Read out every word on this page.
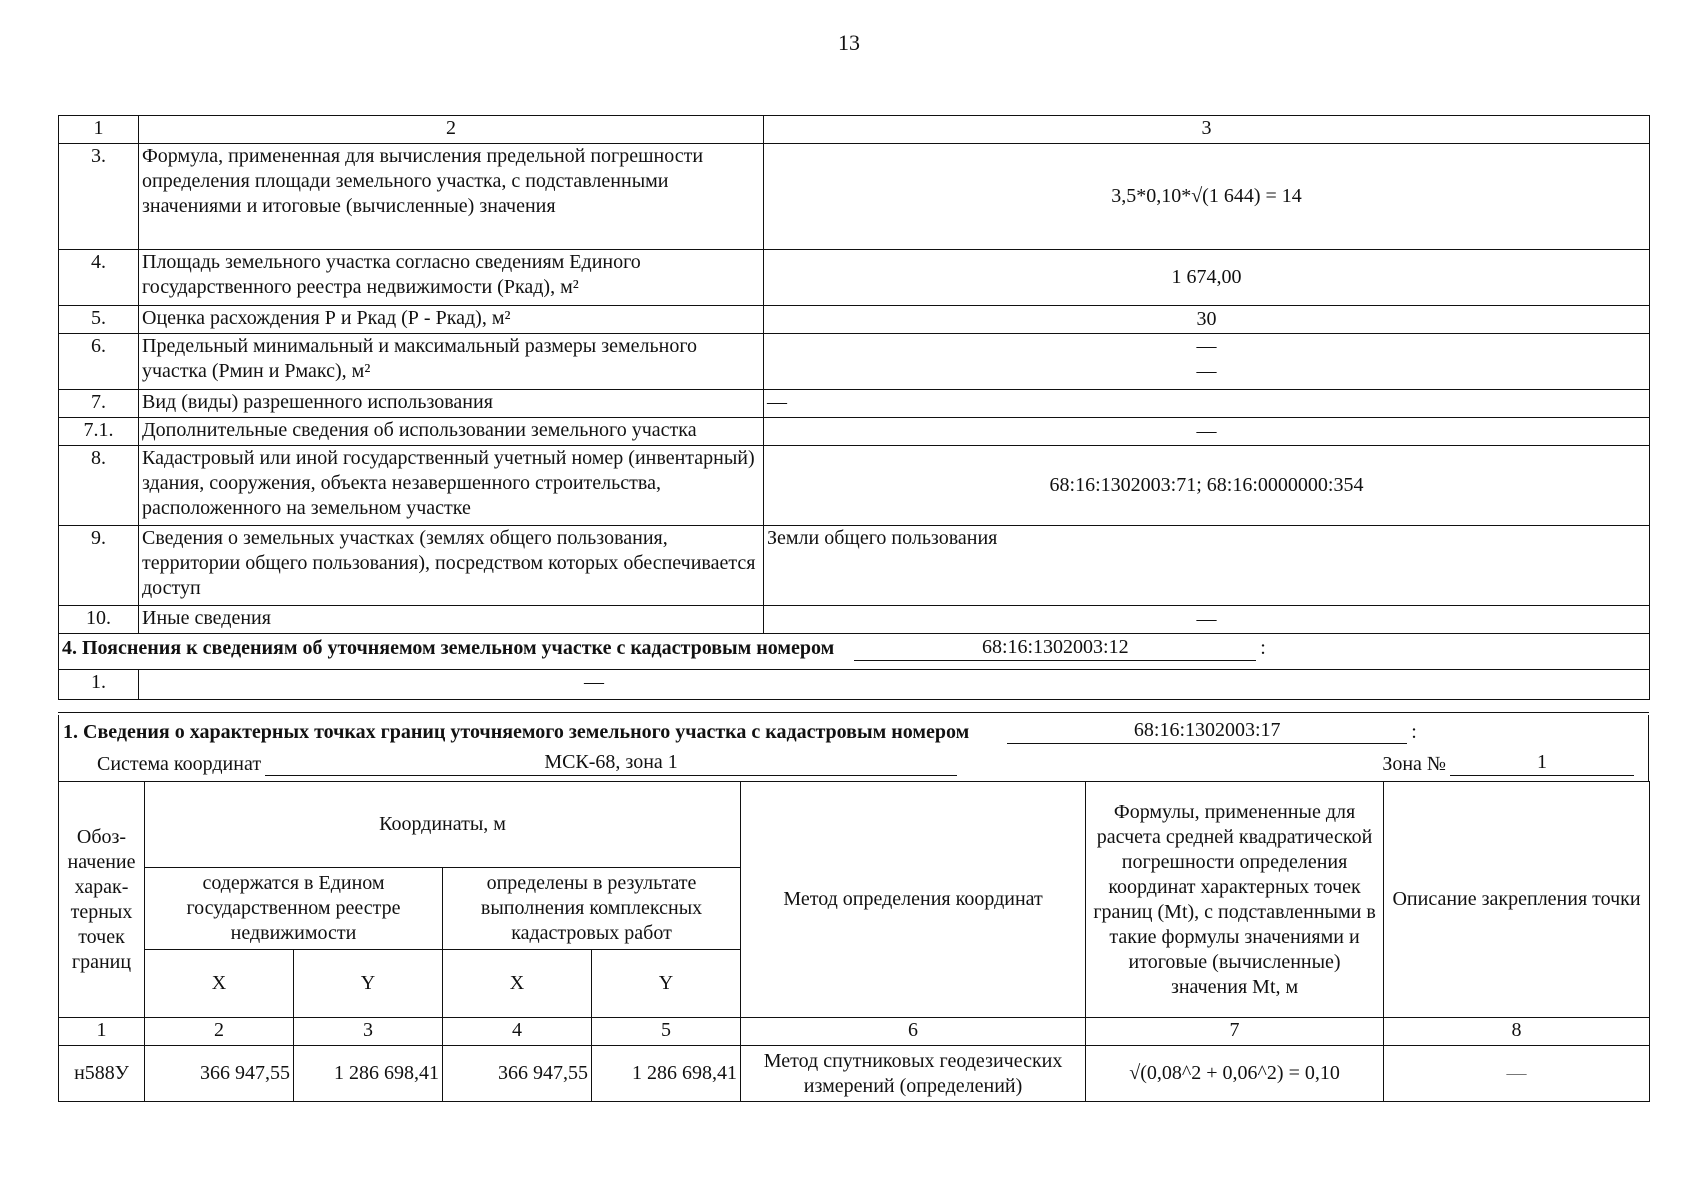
13
1	2	3
3.	Формула, примененная для вычисления предельной погрешности определения площади земельного участка, с подставленными значениями и итоговые (вычисленные) значения	3,5*0,10*√(1 644) = 14
4.	Площадь земельного участка согласно сведениям Единого государственного реестра недвижимости (Ркад), м²	1 674,00
5.	Оценка расхождения Р и Ркад (Р - Ркад), м²	30
6.	Предельный минимальный и максимальный размеры земельного участка (Рмин и Рмакс), м²	—
—

7.	Вид (виды) разрешенного использования	—
7.1.	Дополнительные сведения об использовании земельного участка	—
8.	Кадастровый или иной государственный учетный номер (инвентарный) здания, сооружения, объекта незавершенного строительства, расположенного на земельном участке	68:16:1302003:71; 68:16:0000000:354
9.	Сведения о земельных участках (землях общего пользования, территории общего пользования), посредством которых обеспечивается доступ	Земли общего пользования
10.	Иные сведения	—

4. Пояснения к сведениям об уточняемом земельном участке с кадастровым номером 68:16:1302003:12 :		

1.	—	
1. Сведения о характерных точках границ уточняемого земельного участка с кадастровым номером	68:16:1302003:17	:
Система координат	МСК-68, зона 1	Зона №	1
Обоз-начение харак-терных точек границ	Координаты, м				Метод определения координат	Формулы, примененные для расчета средней квадратической погрешности определения координат характерных точек границ (Mt), с подставленными в такие формулы значениями и итоговые (вычисленные) значения Mt, м	Описание закрепления точки
	содержатся в Едином государственном реестре недвижимости		определены в результате выполнения комплексных кадастровых работ				
	X	Y	X	Y			
1	2	3	4	5	6	7	8
н588У	366 947,55	1 286 698,41	366 947,55	1 286 698,41	Метод спутниковых геодезических измерений (определений)	√(0,08^2 + 0,06^2) = 0,10	—
